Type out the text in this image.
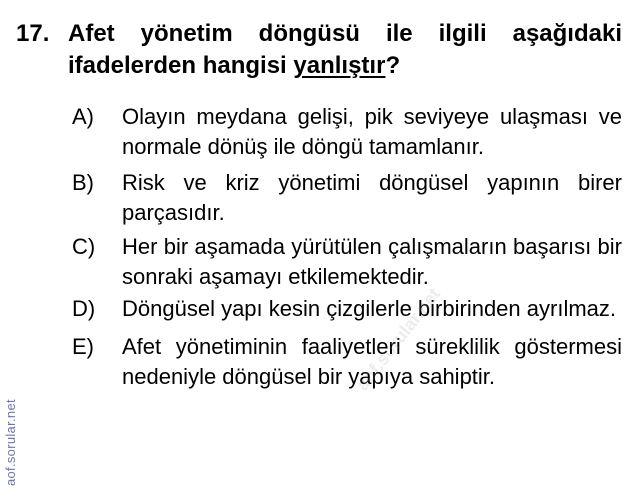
17. Afet yönetim döngüsü ile ilgili aşağıdaki ifadelerden hangisi yanlıştır?
A)	Olayın meydana gelişi, pik seviyeye ulaşması ve normale dönüş ile döngü tamamlanır.
B)	Risk ve kriz yönetimi döngüsel yapının birer parçasıdır.
C)	Her bir aşamada yürütülen çalışmaların başarısı bir sonraki aşamayı etkilemektedir.
D)	Döngüsel yapı kesin çizgilerle birbirinden ayrılmaz.
E)	Afet yönetiminin faaliyetleri süreklilik göstermesi nedeniyle döngüsel bir yapıya sahiptir.
aof.sorular.net
aof.sorular.net
